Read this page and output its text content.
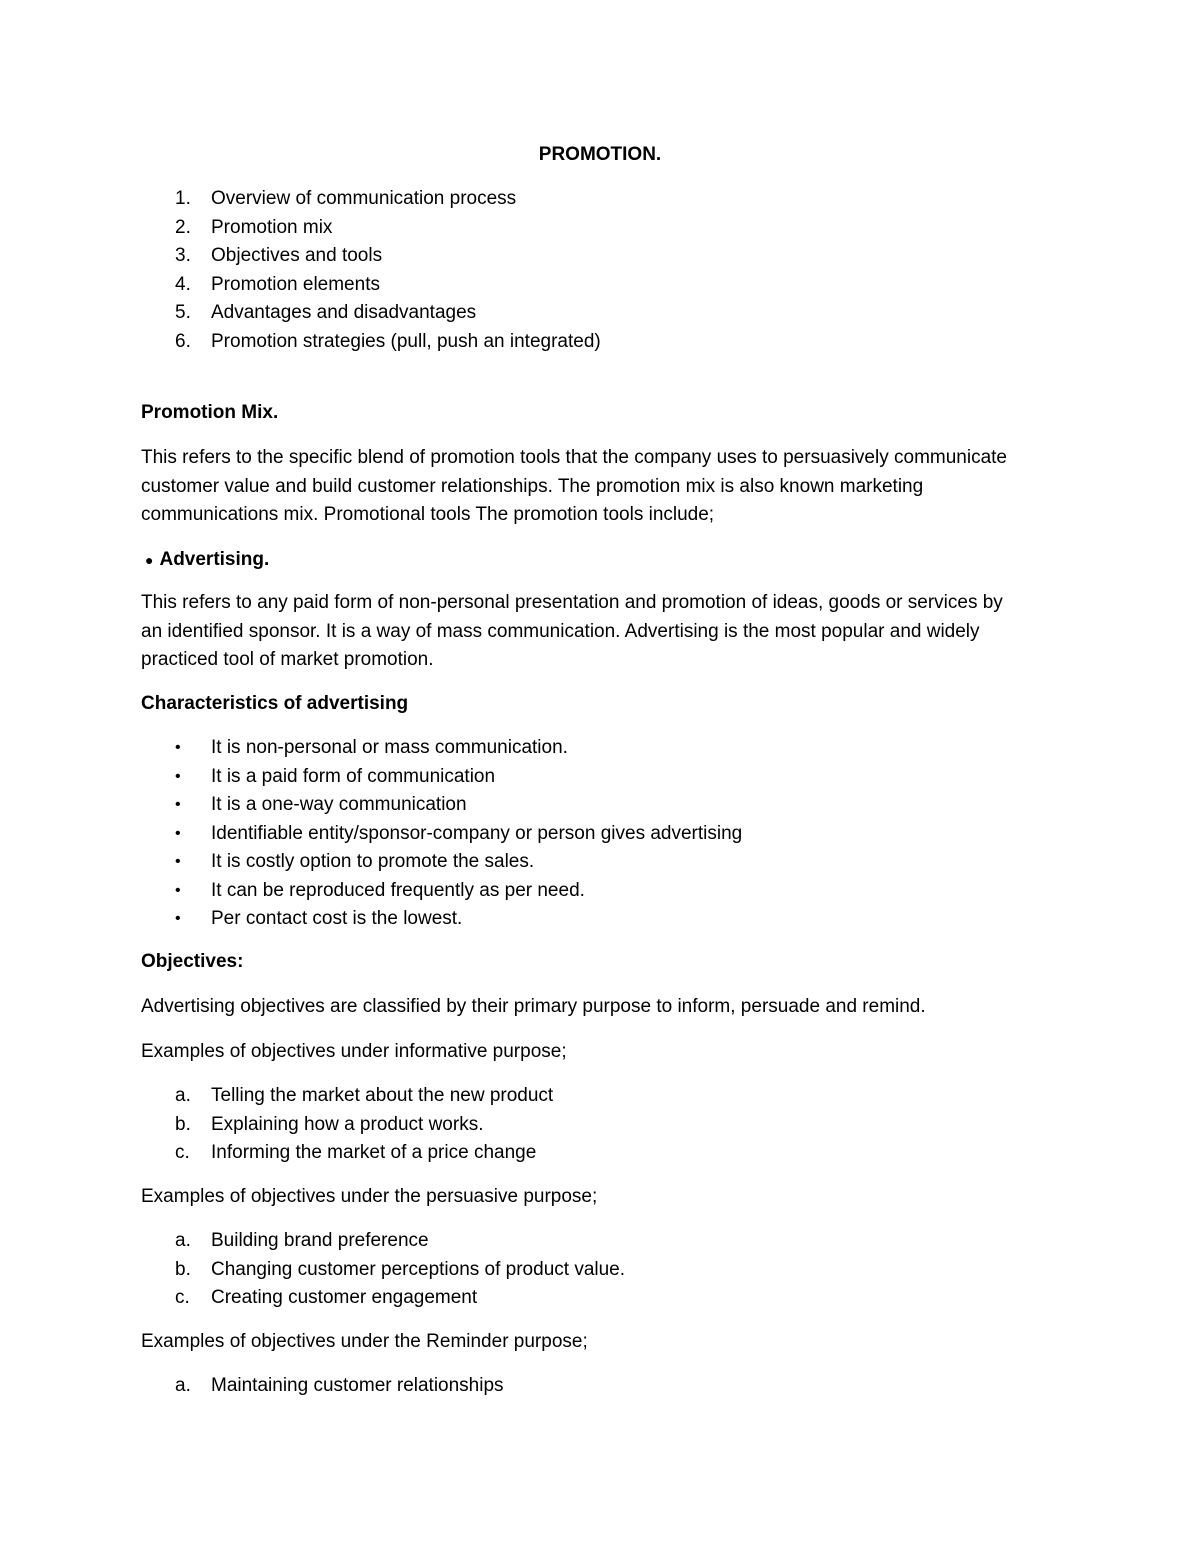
PROMOTION.
1. Overview of communication process
2. Promotion mix
3. Objectives and tools
4. Promotion elements
5. Advantages and disadvantages
6. Promotion strategies (pull, push an integrated)
Promotion Mix.
This refers to the specific blend of promotion tools that the company uses to persuasively communicate
customer value and build customer relationships. The promotion mix is also known marketing
communications mix. Promotional tools The promotion tools include;
● Advertising.
This refers to any paid form of non-personal presentation and promotion of ideas, goods or services by
an identified sponsor. It is a way of mass communication. Advertising is the most popular and widely
practiced tool of market promotion.
Characteristics of advertising
• It is non-personal or mass communication.
• It is a paid form of communication
• It is a one-way communication
• Identifiable entity/sponsor-company or person gives advertising
• It is costly option to promote the sales.
• It can be reproduced frequently as per need.
• Per contact cost is the lowest.
Objectives:
Advertising objectives are classified by their primary purpose to inform, persuade and remind.
Examples of objectives under informative purpose;
a. Telling the market about the new product
b. Explaining how a product works.
c. Informing the market of a price change
Examples of objectives under the persuasive purpose;
a. Building brand preference
b. Changing customer perceptions of product value.
c. Creating customer engagement
Examples of objectives under the Reminder purpose;
a. Maintaining customer relationships
